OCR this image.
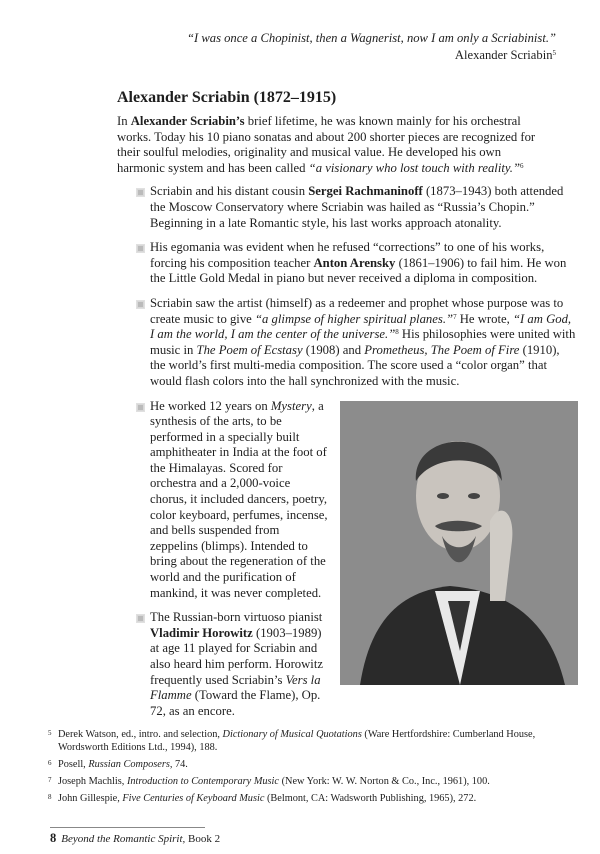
“I was once a Chopinist, then a Wagnerist, now I am only a Scriabinist.”
Alexander Scriabin$^5$
Alexander Scriabin (1872–1915)

In Alexander Scriabin’s brief lifetime, he was known mainly for his orchestral works. Today his 10 piano sonatas and about 200 shorter pieces are recognized for their soulful melodies, originality and musical value. He developed his own harmonic system and has been called “a visionary who lost touch with reality.”$^6$

Scriabin and his distant cousin Sergei Rachmaninoff (1873–1943) both attended the Moscow Conservatory where Scriabin was hailed as “Russia’s Chopin.” Beginning in a late Romantic style, his last works approach atonality.
His egomania was evident when he refused “corrections” to one of his works, forcing his composition teacher Anton Arensky (1861–1906) to fail him. He won the Little Gold Medal in piano but never received a diploma in composition.
Scriabin saw the artist (himself) as a redeemer and prophet whose purpose was to create music to give “a glimpse of higher spiritual planes.”$^7$ He wrote, “I am God, I am the world, I am the center of the universe.”$^8$ His philosophies were united with music in The Poem of Ecstasy (1908) and Prometheus, The Poem of Fire (1910), the world’s first multi-media composition. The score used a “color organ” that would flash colors into the hall synchronized with the music.
He worked 12 years on Mystery, a synthesis of the arts, to be performed in a specially built amphitheater in India at the foot of the Himalayas. Scored for orchestra and a 2,000-voice chorus, it included dancers, poetry, color keyboard, perfumes, incense, and bells suspended from zeppelins (blimps). Intended to bring about the regeneration of the world and the purification of mankind, it was never completed.
The Russian-born virtuoso pianist Vladimir Horowitz (1903–1989) at age 11 played for Scriabin and also heard him perform. Horowitz frequently used Scriabin’s Vers la Flamme (Toward the Flame), Op. 72, as an encore.
5 Derek Watson, ed., intro. and selection, Dictionary of Musical Quotations (Ware Hertfordshire: Cumberland House, Wordsworth Editions Ltd., 1994), 188.
6 Posell, Russian Composers, 74.
7 Joseph Machlis, Introduction to Contemporary Music (New York: W. W. Norton & Co., Inc., 1961), 100.
8 John Gillespie, Five Centuries of Keyboard Music (Belmont, CA: Wadsworth Publishing, 1965), 272.
8 Beyond the Romantic Spirit, Book 2
